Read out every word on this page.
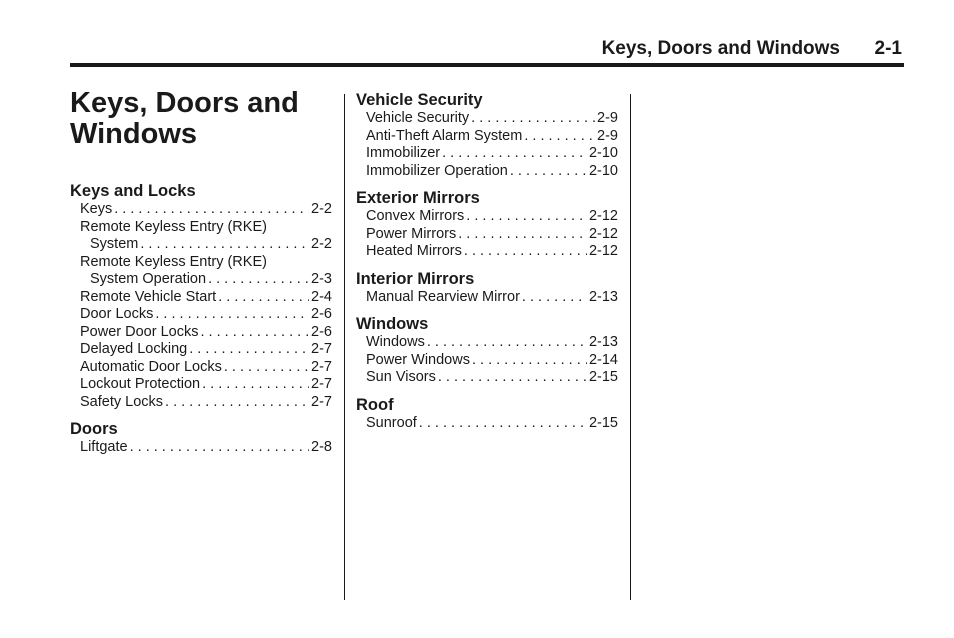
Keys, Doors and Windows	2-1
Keys, Doors and Windows
Keys and Locks
Keys . . .	2-2
Remote Keyless Entry (RKE)
System . . .	2-2
Remote Keyless Entry (RKE)
System Operation . . .	2-3
Remote Vehicle Start . . .	2-4
Door Locks . . .	2-6
Power Door Locks . . .	2-6
Delayed Locking . . .	2-7
Automatic Door Locks . . .	2-7
Lockout Protection . . .	2-7
Safety Locks . . .	2-7
Doors
Liftgate . . .	2-8
Vehicle Security
Vehicle Security . . .	2-9
Anti-Theft Alarm System . . .	2-9
Immobilizer . . .	2-10
Immobilizer Operation . . .	2-10
Exterior Mirrors
Convex Mirrors . . .	2-12
Power Mirrors . . .	2-12
Heated Mirrors . . .	2-12
Interior Mirrors
Manual Rearview Mirror . . .	2-13
Windows
Windows . . .	2-13
Power Windows . . .	2-14
Sun Visors . . .	2-15
Roof
Sunroof . . .	2-15
